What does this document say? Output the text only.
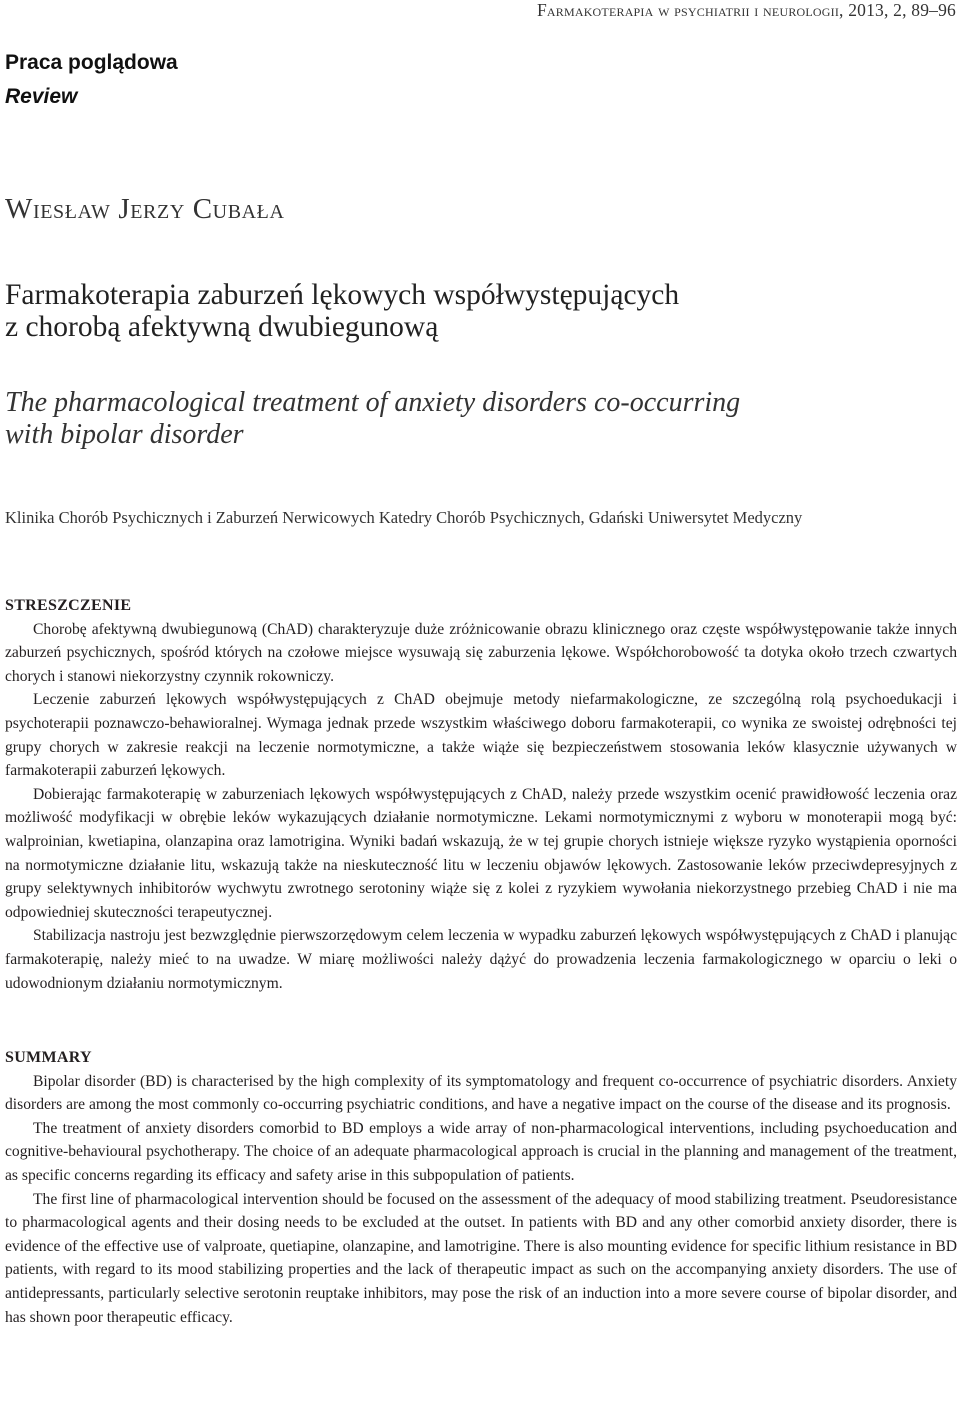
Farmakoterapia w psychiatrii i neurologii, 2013, 2, 89–96
Praca poglądowa
Review
Wiesław Jerzy Cubała
Farmakoterapia zaburzeń lękowych współwystępujących
z chorobą afektywną dwubiegunową
The pharmacological treatment of anxiety disorders co-occurring
with bipolar disorder
Klinika Chorób Psychicznych i Zaburzeń Nerwicowych Katedry Chorób Psychicznych, Gdański Uniwersytet Medyczny
STRESZCZENIE

Chorobę afektywną dwubiegunową (ChAD) charakteryzuje duże zróżnicowanie obrazu klinicznego oraz częste współwystępowanie także innych zaburzeń psychicznych, spośród których na czołowe miejsce wysuwają się zaburzenia lękowe. Współchorobowość ta dotyka około trzech czwartych chorych i stanowi niekorzystny czynnik rokowniczy.

Leczenie zaburzeń lękowych współwystępujących z ChAD obejmuje metody niefarmakologiczne, ze szczególną rolą psychoedukacji i psychoterapii poznawczo-behawioralnej. Wymaga jednak przede wszystkim właściwego doboru farmakoterapii, co wynika ze swoistej odrębności tej grupy chorych w zakresie reakcji na leczenie normotymiczne, a także wiąże się bezpieczeństwem stosowania leków klasycznie używanych w farmakoterapii zaburzeń lękowych.

Dobierając farmakoterapię w zaburzeniach lękowych współwystępujących z ChAD, należy przede wszystkim ocenić prawidłowość leczenia oraz możliwość modyfikacji w obrębie leków wykazujących działanie normotymiczne. Lekami normotymicznymi z wyboru w monoterapii mogą być: walproinian, kwetiapina, olanzapina oraz lamotrigina. Wyniki badań wskazują, że w tej grupie chorych istnieje większe ryzyko wystąpienia oporności na normotymiczne działanie litu, wskazują także na nieskuteczność litu w leczeniu objawów lękowych. Zastosowanie leków przeciwdepresyjnych z grupy selektywnych inhibitorów wychwytu zwrotnego serotoniny wiąże się z kolei z ryzykiem wywołania niekorzystnego przebieg ChAD i nie ma odpowiedniej skuteczności terapeutycznej.

Stabilizacja nastroju jest bezwzględnie pierwszorzędowym celem leczenia w wypadku zaburzeń lękowych współwystępujących z ChAD i planując farmakoterapię, należy mieć to na uwadze. W miarę możliwości należy dążyć do prowadzenia leczenia farmakologicznego w oparciu o leki o udowodnionym działaniu normotymicznym.

SUMMARY

Bipolar disorder (BD) is characterised by the high complexity of its symptomatology and frequent co-occurrence of psychiatric disorders. Anxiety disorders are among the most commonly co-occurring psychiatric conditions, and have a negative impact on the course of the disease and its prognosis.

The treatment of anxiety disorders comorbid to BD employs a wide array of non-pharmacological interventions, including psychoeducation and cognitive-behavioural psychotherapy. The choice of an adequate pharmacological approach is crucial in the planning and management of the treatment, as specific concerns regarding its efficacy and safety arise in this subpopulation of patients.

The first line of pharmacological intervention should be focused on the assessment of the adequacy of mood stabilizing treatment. Pseudoresistance to pharmacological agents and their dosing needs to be excluded at the outset. In patients with BD and any other comorbid anxiety disorder, there is evidence of the effective use of valproate, quetiapine, olanzapine, and lamotrigine. There is also mounting evidence for specific lithium resistance in BD patients, with regard to its mood stabilizing properties and the lack of therapeutic impact as such on the accompanying anxiety disorders. The use of antidepressants, particularly selective serotonin reuptake inhibitors, may pose the risk of an induction into a more severe course of bipolar disorder, and has shown poor therapeutic efficacy.
